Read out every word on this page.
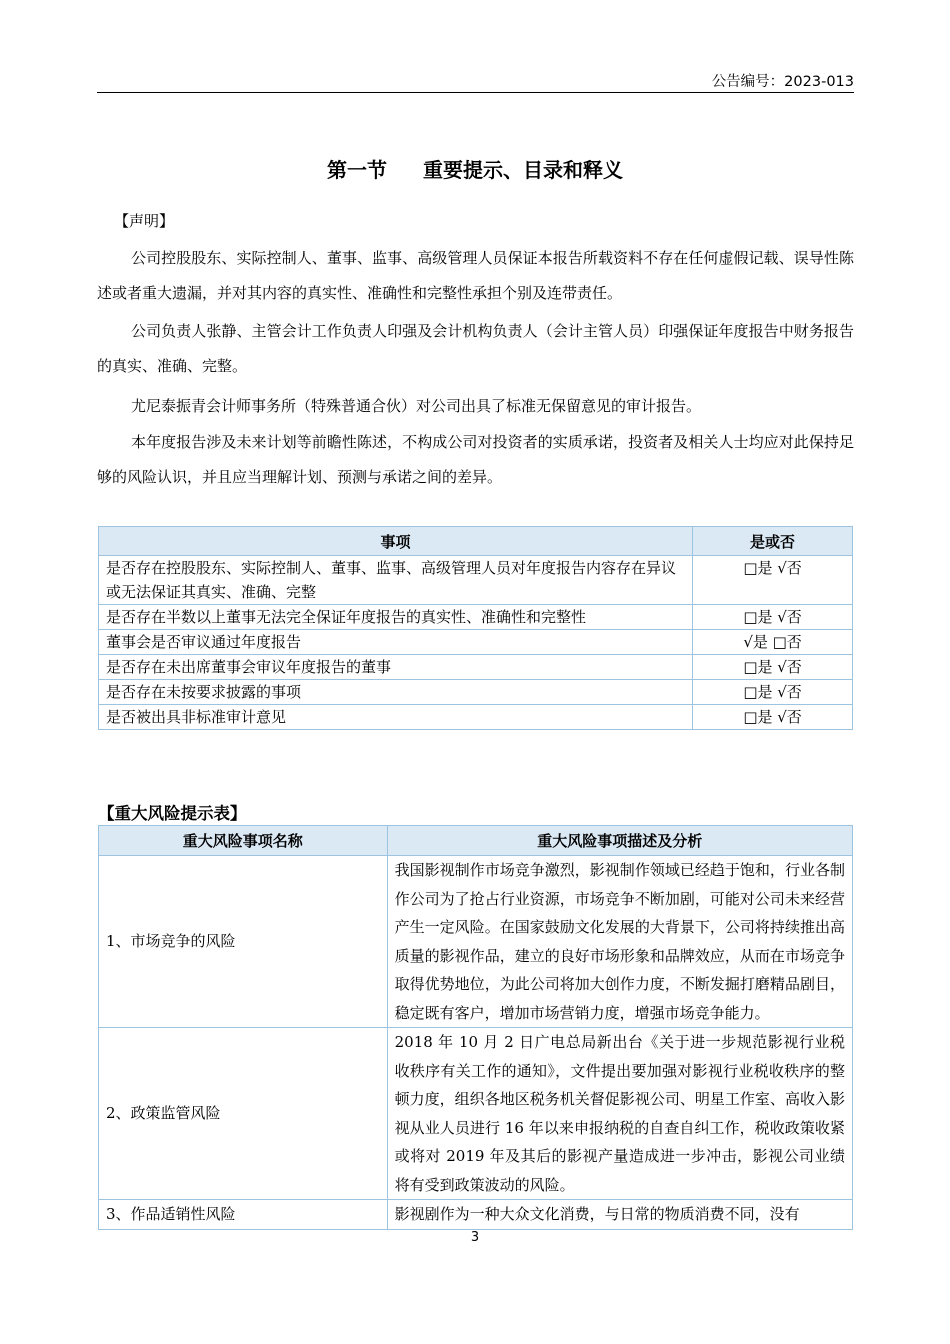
公告编号：2023-013
第一节 重要提示、目录和释义
【声明】

公司控股股东、实际控制人、董事、监事、高级管理人员保证本报告所载资料不存在任何虚假记载、误导性陈述或者重大遗漏，并对其内容的真实性、准确性和完整性承担个别及连带责任。

公司负责人张静、主管会计工作负责人印强及会计机构负责人（会计主管人员）印强保证年度报告中财务报告的真实、准确、完整。

尤尼泰振青会计师事务所（特殊普通合伙）对公司出具了标准无保留意见的审计报告。

本年度报告涉及未来计划等前瞻性陈述，不构成公司对投资者的实质承诺，投资者及相关人士均应对此保持足够的风险认识，并且应当理解计划、预测与承诺之间的差异。

事项	是或否
是否存在控股股东、实际控制人、董事、监事、高级管理人员对年度报告内容存在异议或无法保证其真实、准确、完整	□是 √否
是否存在半数以上董事无法完全保证年度报告的真实性、准确性和完整性	□是 √否
董事会是否审议通过年度报告	√是 □否
是否存在未出席董事会审议年度报告的董事	□是 √否
是否存在未按要求披露的事项	□是 √否
是否被出具非标准审计意见	□是 √否
【重大风险提示表】
重大风险事项名称	重大风险事项描述及分析
1、市场竞争的风险	我国影视制作市场竞争激烈，影视制作领域已经趋于饱和，行业各制作公司为了抢占行业资源，市场竞争不断加剧，可能对公司未来经营产生一定风险。在国家鼓励文化发展的大背景下，公司将持续推出高质量的影视作品，建立的良好市场形象和品牌效应，从而在市场竞争取得优势地位，为此公司将加大创作力度，不断发掘打磨精品剧目，稳定既有客户，增加市场营销力度，增强市场竞争能力。
2、政策监管风险	2018 年 10 月 2 日广电总局新出台《关于进一步规范影视行业税收秩序有关工作的通知》，文件提出要加强对影视行业税收秩序的整顿力度，组织各地区税务机关督促影视公司、明星工作室、高收入影视从业人员进行 16 年以来申报纳税的自查自纠工作，税收政策收紧或将对 2019 年及其后的影视产量造成进一步冲击，影视公司业绩将有受到政策波动的风险。
3、作品适销性风险	影视剧作为一种大众文化消费，与日常的物质消费不同，没有
3
